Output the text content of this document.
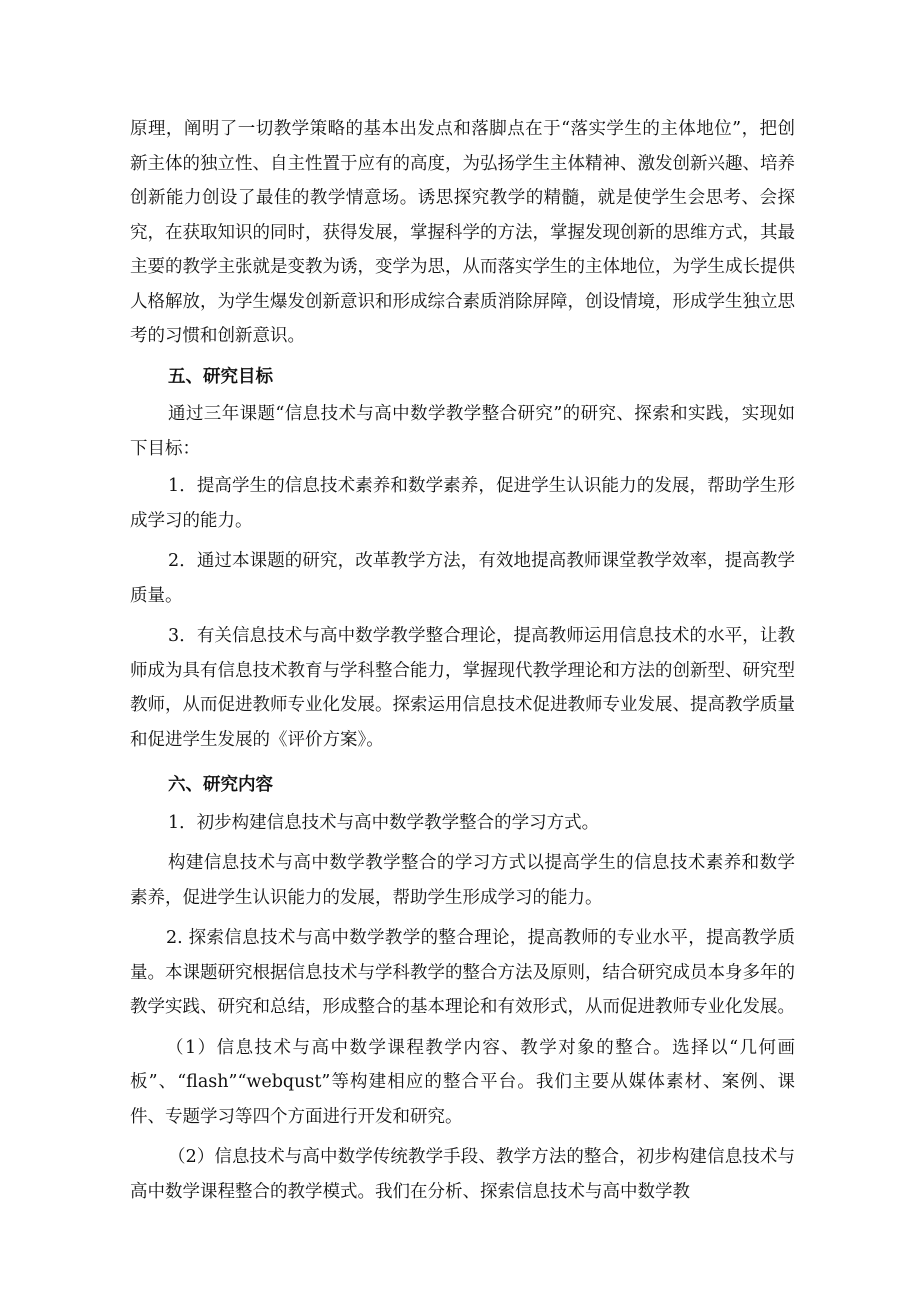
原理，阐明了一切教学策略的基本出发点和落脚点在于“落实学生的主体地位”，把创新主体的独立性、自主性置于应有的高度，为弘扬学生主体精神、激发创新兴趣、培养创新能力创设了最佳的教学情意场。诱思探究教学的精髓，就是使学生会思考、会探究，在获取知识的同时，获得发展，掌握科学的方法，掌握发现创新的思维方式，其最主要的教学主张就是变教为诱，变学为思，从而落实学生的主体地位，为学生成长提供人格解放，为学生爆发创新意识和形成综合素质消除屏障，创设情境，形成学生独立思考的习惯和创新意识。

五、研究目标

通过三年课题“信息技术与高中数学教学整合研究”的研究、探索和实践，实现如下目标：

1．提高学生的信息技术素养和数学素养，促进学生认识能力的发展，帮助学生形成学习的能力。

2．通过本课题的研究，改革教学方法，有效地提高教师课堂教学效率，提高教学质量。

3．有关信息技术与高中数学教学整合理论，提高教师运用信息技术的水平，让教师成为具有信息技术教育与学科整合能力，掌握现代教学理论和方法的创新型、研究型教师，从而促进教师专业化发展。探索运用信息技术促进教师专业发展、提高教学质量和促进学生发展的《评价方案》。

六、研究内容

1．初步构建信息技术与高中数学教学整合的学习方式。

构建信息技术与高中数学教学整合的学习方式以提高学生的信息技术素养和数学素养，促进学生认识能力的发展，帮助学生形成学习的能力。

2. 探索信息技术与高中数学教学的整合理论，提高教师的专业水平，提高教学质量。本课题研究根据信息技术与学科教学的整合方法及原则，结合研究成员本身多年的教学实践、研究和总结，形成整合的基本理论和有效形式，从而促进教师专业化发展。

（1）信息技术与高中数学课程教学内容、教学对象的整合。选择以“几何画板”、“flash”“webqust”等构建相应的整合平台。我们主要从媒体素材、案例、课件、专题学习等四个方面进行开发和研究。

（2）信息技术与高中数学传统教学手段、教学方法的整合，初步构建信息技术与高中数学课程整合的教学模式。我们在分析、探索信息技术与高中数学教
